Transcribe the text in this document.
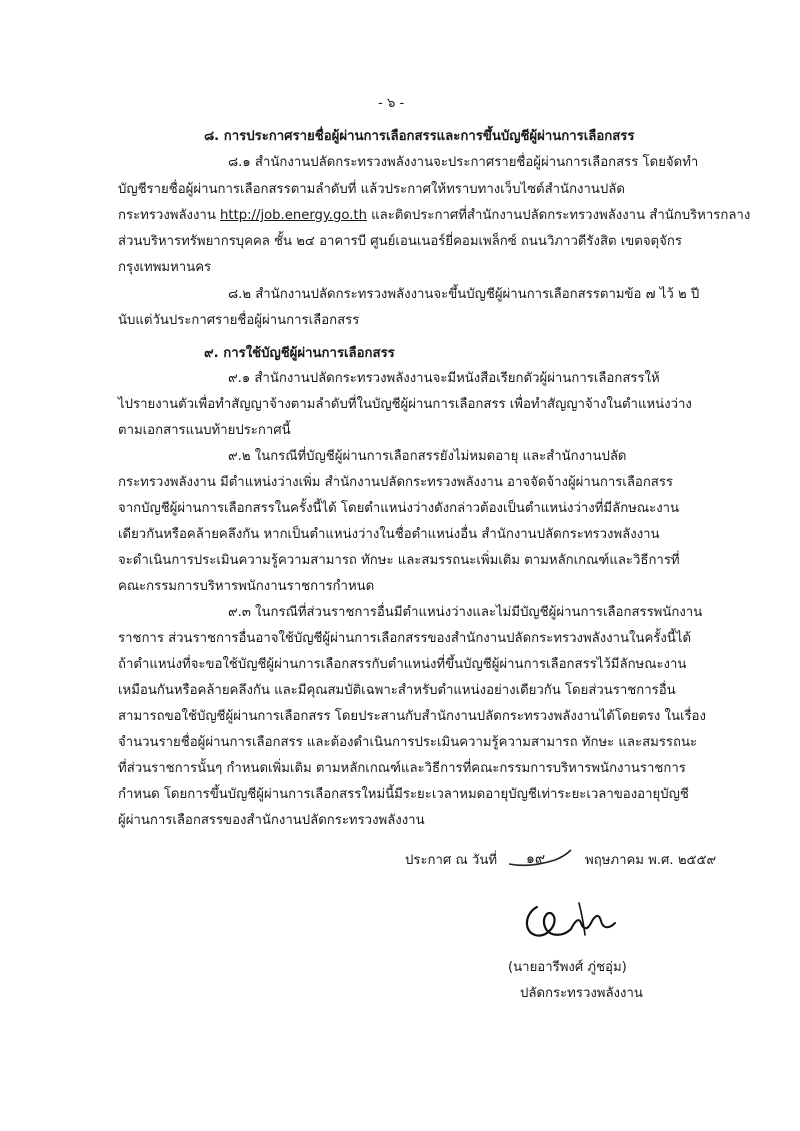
- ๖ -
๘. การประกาศรายชื่อผู้ผ่านการเลือกสรรและการขึ้นบัญชีผู้ผ่านการเลือกสรร
๘.๑ สำนักงานปลัดกระทรวงพลังงานจะประกาศรายชื่อผู้ผ่านการเลือกสรร โดยจัดทำ
บัญชีรายชื่อผู้ผ่านการเลือกสรรตามลำดับที่ แล้วประกาศให้ทราบทางเว็บไซต์สำนักงานปลัด
กระทรวงพลังงาน http://job.energy.go.th และติดประกาศที่สำนักงานปลัดกระทรวงพลังงาน สำนักบริหารกลาง
ส่วนบริหารทรัพยากรบุคคล ชั้น ๒๔ อาคารบี ศูนย์เอนเนอร์ยี่คอมเพล็กซ์ ถนนวิภาวดีรังสิต เขตจตุจักร
กรุงเทพมหานคร
๘.๒ สำนักงานปลัดกระทรวงพลังงานจะขึ้นบัญชีผู้ผ่านการเลือกสรรตามข้อ ๗ ไว้ ๒ ปี
นับแต่วันประกาศรายชื่อผู้ผ่านการเลือกสรร
๙. การใช้บัญชีผู้ผ่านการเลือกสรร
๙.๑ สำนักงานปลัดกระทรวงพลังงานจะมีหนังสือเรียกตัวผู้ผ่านการเลือกสรรให้
ไปรายงานตัวเพื่อทำสัญญาจ้างตามลำดับที่ในบัญชีผู้ผ่านการเลือกสรร เพื่อทำสัญญาจ้างในตำแหน่งว่าง
ตามเอกสารแนบท้ายประกาศนี้
๙.๒ ในกรณีที่บัญชีผู้ผ่านการเลือกสรรยังไม่หมดอายุ และสำนักงานปลัด
กระทรวงพลังงาน มีตำแหน่งว่างเพิ่ม สำนักงานปลัดกระทรวงพลังงาน อาจจัดจ้างผู้ผ่านการเลือกสรร
จากบัญชีผู้ผ่านการเลือกสรรในครั้งนี้ได้ โดยตำแหน่งว่างดังกล่าวต้องเป็นตำแหน่งว่างที่มีลักษณะงาน
เดียวกันหรือคล้ายคลึงกัน หากเป็นตำแหน่งว่างในชื่อตำแหน่งอื่น สำนักงานปลัดกระทรวงพลังงาน
จะดำเนินการประเมินความรู้ความสามารถ ทักษะ และสมรรถนะเพิ่มเติม ตามหลักเกณฑ์และวิธีการที่
คณะกรรมการบริหารพนักงานราชการกำหนด
๙.๓ ในกรณีที่ส่วนราชการอื่นมีตำแหน่งว่างและไม่มีบัญชีผู้ผ่านการเลือกสรรพนักงาน
ราชการ ส่วนราชการอื่นอาจใช้บัญชีผู้ผ่านการเลือกสรรของสำนักงานปลัดกระทรวงพลังงานในครั้งนี้ได้
ถ้าตำแหน่งที่จะขอใช้บัญชีผู้ผ่านการเลือกสรรกับตำแหน่งที่ขึ้นบัญชีผู้ผ่านการเลือกสรรไว้มีลักษณะงาน
เหมือนกันหรือคล้ายคลึงกัน และมีคุณสมบัติเฉพาะสำหรับตำแหน่งอย่างเดียวกัน โดยส่วนราชการอื่น
สามารถขอใช้บัญชีผู้ผ่านการเลือกสรร โดยประสานกับสำนักงานปลัดกระทรวงพลังงานได้โดยตรง ในเรื่อง
จำนวนรายชื่อผู้ผ่านการเลือกสรร และต้องดำเนินการประเมินความรู้ความสามารถ ทักษะ และสมรรถนะ
ที่ส่วนราชการนั้นๆ กำหนดเพิ่มเติม ตามหลักเกณฑ์และวิธีการที่คณะกรรมการบริหารพนักงานราชการ
กำหนด โดยการขึ้นบัญชีผู้ผ่านการเลือกสรรใหม่นี้มีระยะเวลาหมดอายุบัญชีเท่าระยะเวลาของอายุบัญชี
ผู้ผ่านการเลือกสรรของสำนักงานปลัดกระทรวงพลังงาน
ประกาศ ณ วันที่ ๑๙	พฤษภาคม พ.ศ. ๒๕๕๙
(นายอารีพงศ์ ภู่ชอุ่ม)
ปลัดกระทรวงพลังงาน
